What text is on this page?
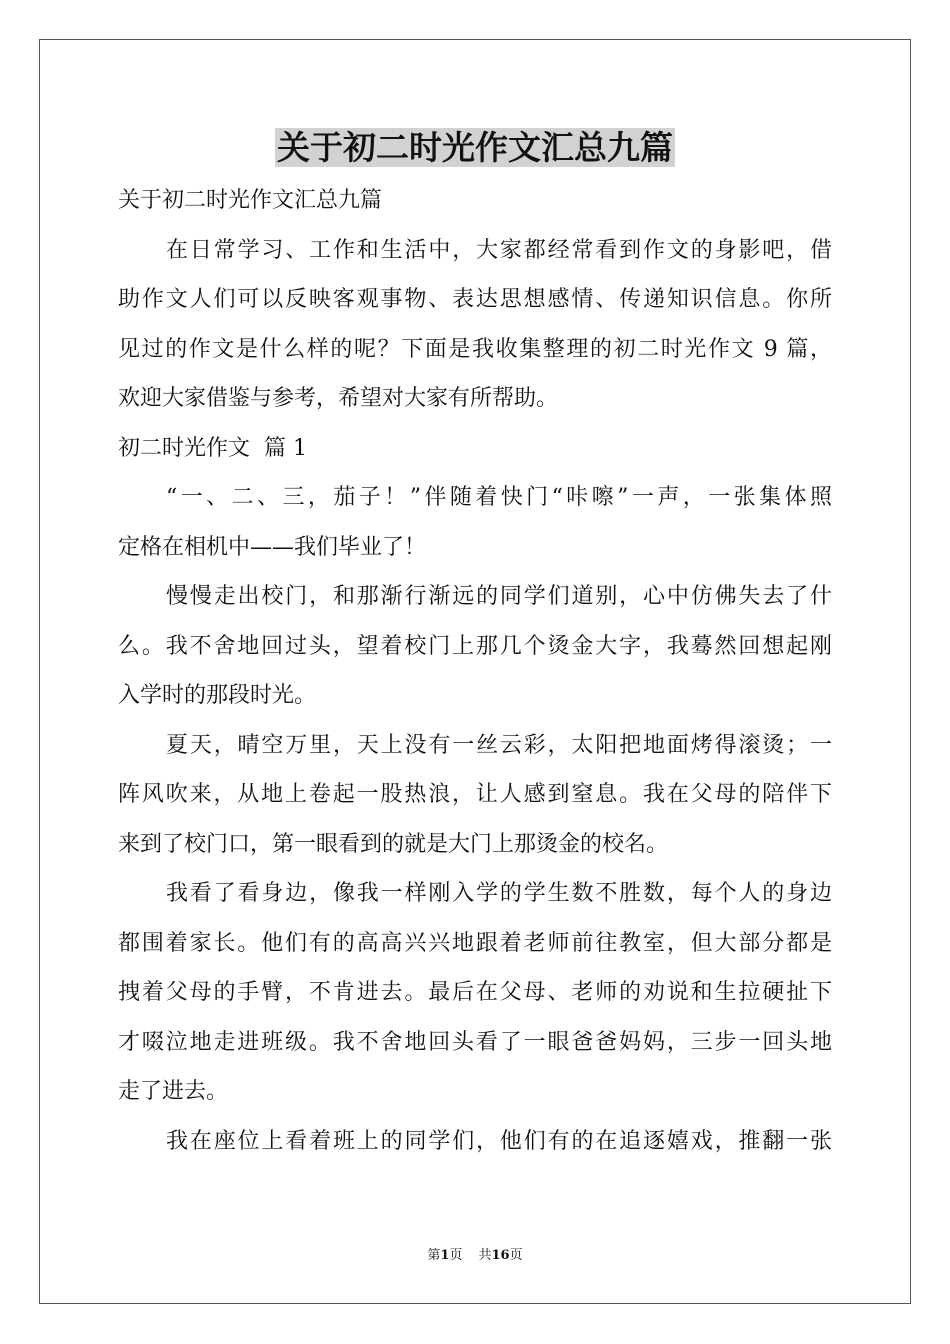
关于初二时光作文汇总九篇

关于初二时光作文汇总九篇

在日常学习、工作和生活中，大家都经常看到作文的身影吧，借

助作文人们可以反映客观事物、表达思想感情、传递知识信息。你所

见过的作文是什么样的呢？下面是我收集整理的初二时光作文 9 篇，

欢迎大家借鉴与参考，希望对大家有所帮助。

初二时光作文  篇 1

“一、二、三，茄子！”伴随着快门“咔嚓”一声，一张集体照

定格在相机中——我们毕业了！

慢慢走出校门，和那渐行渐远的同学们道别，心中仿佛失去了什

么。我不舍地回过头，望着校门上那几个烫金大字，我蓦然回想起刚

入学时的那段时光。

夏天，晴空万里，天上没有一丝云彩，太阳把地面烤得滚烫；一

阵风吹来，从地上卷起一股热浪，让人感到窒息。我在父母的陪伴下

来到了校门口，第一眼看到的就是大门上那烫金的校名。

我看了看身边，像我一样刚入学的学生数不胜数，每个人的身边

都围着家长。他们有的高高兴兴地跟着老师前往教室，但大部分都是

拽着父母的手臂，不肯进去。最后在父母、老师的劝说和生拉硬扯下

才啜泣地走进班级。我不舍地回头看了一眼爸爸妈妈，三步一回头地

走了进去。

我在座位上看着班上的同学们，他们有的在追逐嬉戏，推翻一张

第1页 共16页
